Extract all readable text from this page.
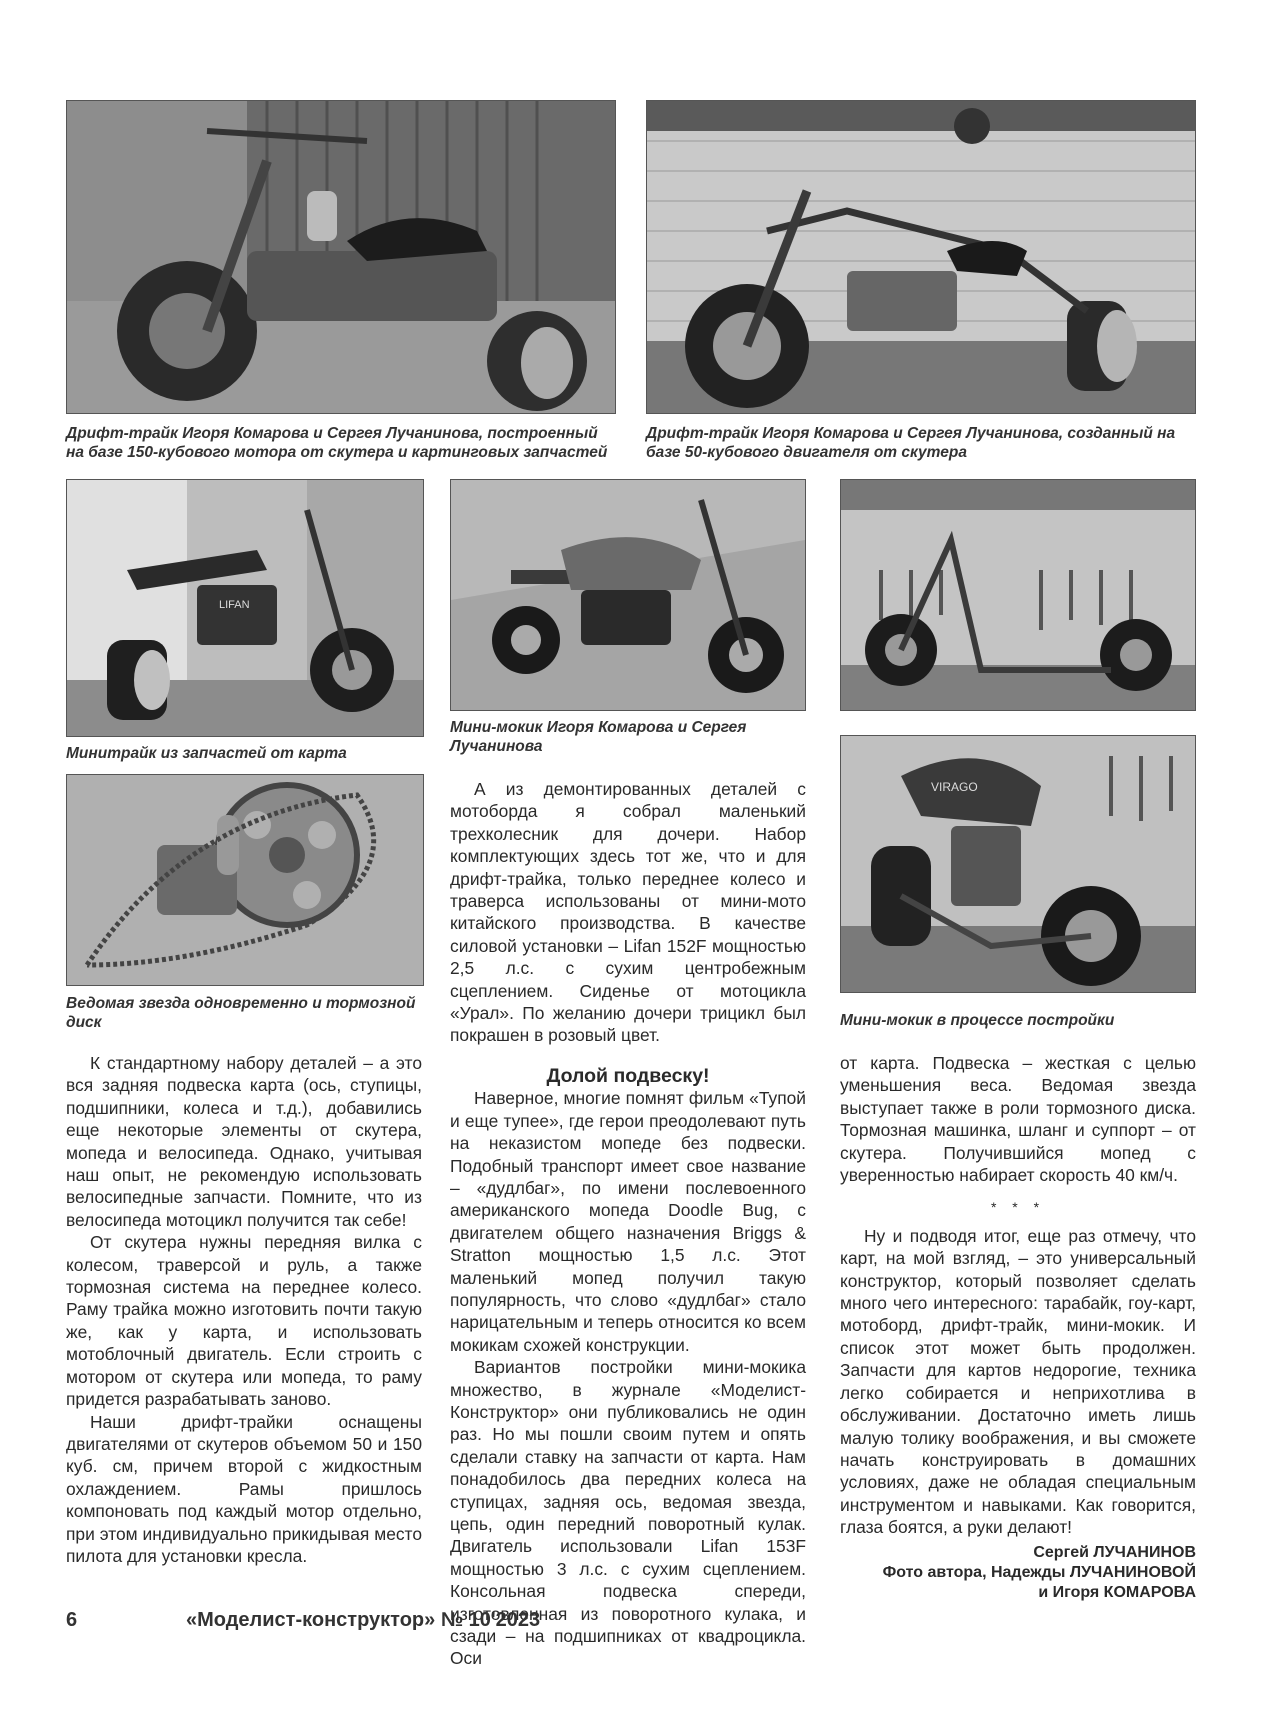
Дрифт-трайк Игоря Комарова и Сергея Лучанинова, построенный на базе 150-кубового мотора от скутера и картинговых запчастей
Дрифт-трайк Игоря Комарова и Сергея Лучанинова, созданный на базе 50-кубового двигателя от скутера
LIFAN
Минитрайк из запчастей от карта
Мини-мокик Игоря Комарова и Сергея Лучанинова
Ведомая звезда одновременно и тормозной диск
VIRAGO
Мини-мокик в процессе постройки

К стандартному набору деталей – а это вся задняя подвеска карта (ось, ступицы, подшипники, колеса и т.д.), добавились еще некоторые элементы от скутера, мопеда и велосипеда. Однако, учитывая наш опыт, не рекомендую использовать велосипедные запчасти. Помните, что из велосипеда мотоцикл получится так себе!

От скутера нужны передняя вилка с колесом, траверсой и руль, а также тормозная система на переднее колесо. Раму трайка можно изготовить почти такую же, как у карта, и использовать мотоблочный двигатель. Если строить с мотором от скутера или мопеда, то раму придется разрабатывать заново.

Наши дрифт-трайки оснащены двигателями от скутеров объемом 50 и 150 куб. см, причем второй с жидкостным охлаждением. Рамы пришлось компоновать под каждый мотор отдельно, при этом индивидуально прикидывая место пилота для установки кресла.

А из демонтированных деталей с мотоборда я собрал маленький трехколесник для дочери. Набор комплектующих здесь тот же, что и для дрифт-трайка, только переднее колесо и траверса использованы от мини-мото китайского производства. В качестве силовой установки – Lifan 152F мощностью 2,5 л.с. с сухим центробежным сцеплением. Сиденье от мотоцикла «Урал». По желанию дочери трицикл был покрашен в розовый цвет.

Долой подвеску!

Наверное, многие помнят фильм «Тупой и еще тупее», где герои преодолевают путь на неказистом мопеде без подвески. Подобный транспорт имеет свое название – «дудлбаг», по имени послевоенного американского мопеда Doodle Bug, с двигателем общего назначения Briggs & Stratton мощностью 1,5 л.с. Этот маленький мопед получил такую популярность, что слово «дудлбаг» стало нарицательным и теперь относится ко всем мокикам схожей конструкции.

Вариантов постройки мини-мокика множество, в журнале «Моделист-Конструктор» они публиковались не один раз. Но мы пошли своим путем и опять сделали ставку на запчасти от карта. Нам понадобилось два передних колеса на ступицах, задняя ось, ведомая звезда, цепь, один передний поворотный кулак. Двигатель использовали Lifan 153F мощностью 3 л.с. с сухим сцеплением. Консольная подвеска спереди, изготовленная из поворотного кулака, и сзади – на подшипниках от квадроцикла. Оси

от карта. Подвеска – жесткая с целью уменьшения веса. Ведомая звезда выступает также в роли тормозного диска. Тормозная машинка, шланг и суппорт – от скутера. Получившийся мопед с уверенностью набирает скорость 40 км/ч.

* * *

Ну и подводя итог, еще раз отмечу, что карт, на мой взгляд, – это универсальный конструктор, который позволяет сделать много чего интересного: тарабайк, гоу-карт, мотоборд, дрифт-трайк, мини-мокик. И список этот может быть продолжен. Запчасти для картов недорогие, техника легко собирается и неприхотлива в обслуживании. Достаточно иметь лишь малую толику воображения, и вы сможете начать конструировать в домашних условиях, даже не обладая специальным инструментом и навыками. Как говорится, глаза боятся, а руки делают!

Сергей ЛУЧАНИНОВ
Фото автора, Надежды ЛУЧАНИНОВОЙ
и Игоря КОМАРОВА
6	«Моделист-конструктор» № 10'2023
